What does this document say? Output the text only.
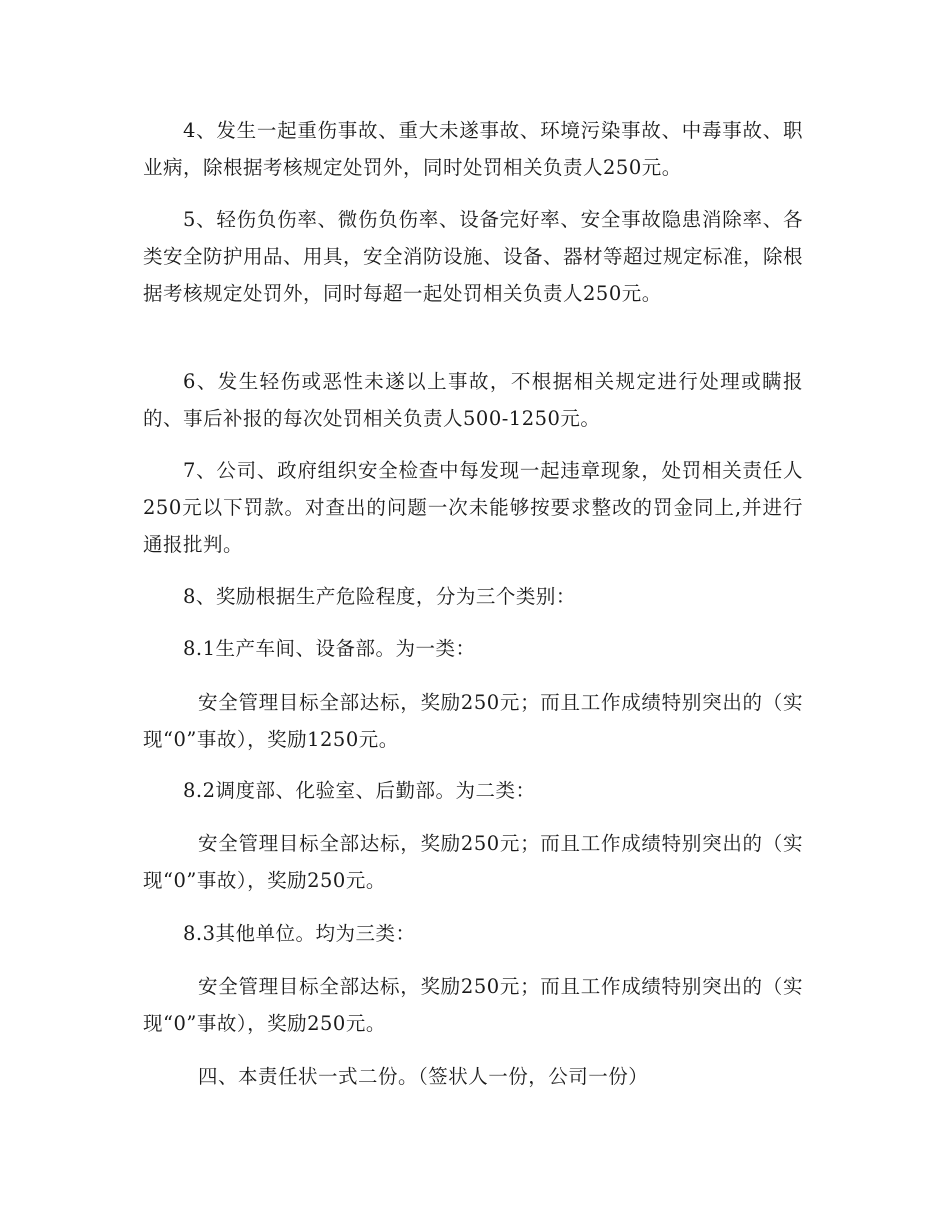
4、发生一起重伤事故、重大未遂事故、环境污染事故、中毒事故、职业病，除根据考核规定处罚外，同时处罚相关负责人250元。

5、轻伤负伤率、微伤负伤率、设备完好率、安全事故隐患消除率、各类安全防护用品、用具，安全消防设施、设备、器材等超过规定标准，除根据考核规定处罚外，同时每超一起处罚相关负责人250元。

6、发生轻伤或恶性未遂以上事故，不根据相关规定进行处理或瞒报的、事后补报的每次处罚相关负责人500-1250元。

7、公司、政府组织安全检查中每发现一起违章现象，处罚相关责任人250元以下罚款。对查出的问题一次未能够按要求整改的罚金同上,并进行通报批判。

8、奖励根据生产危险程度，分为三个类别：

8.1生产车间、设备部。为一类：

安全管理目标全部达标，奖励250元；而且工作成绩特别突出的（实现“0”事故），奖励1250元。

8.2调度部、化验室、后勤部。为二类：

安全管理目标全部达标，奖励250元；而且工作成绩特别突出的（实现“0”事故），奖励250元。

8.3其他单位。均为三类：

安全管理目标全部达标，奖励250元；而且工作成绩特别突出的（实现“0”事故），奖励250元。

四、本责任状一式二份。（签状人一份，公司一份）
